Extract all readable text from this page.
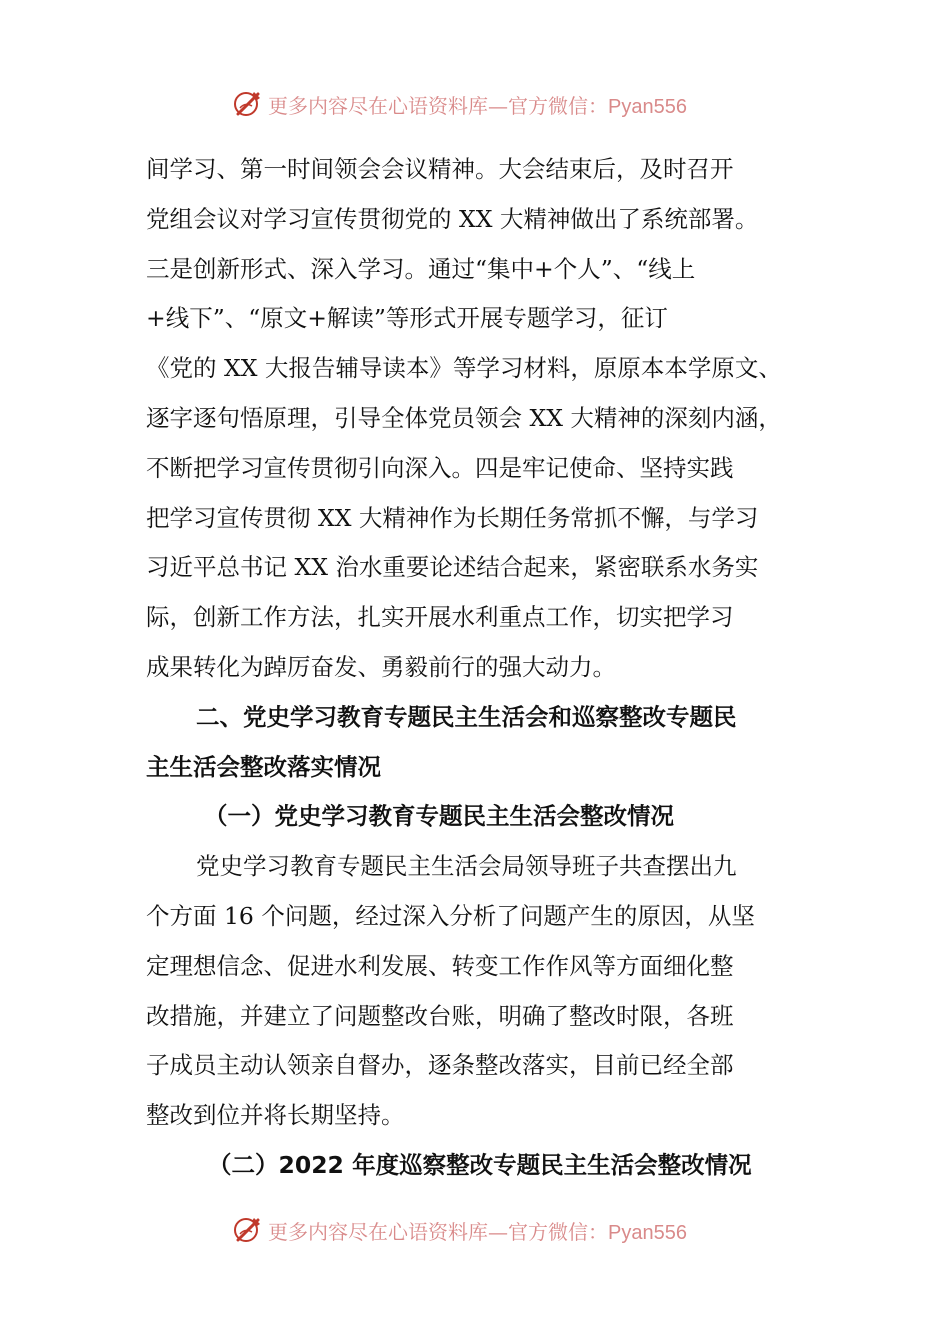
更多内容尽在心语资料库—官方微信：Pyan556
间学习、第一时间领会会议精神。大会结束后，及时召开
党组会议对学习宣传贯彻党的 XX 大精神做出了系统部署。
三是创新形式、深入学习。通过“集中+个人”、“线上
+线下”、“原文+解读”等形式开展专题学习，征订
《党的 XX 大报告辅导读本》等学习材料，原原本本学原文、
逐字逐句悟原理，引导全体党员领会 XX 大精神的深刻内涵，
不断把学习宣传贯彻引向深入。四是牢记使命、坚持实践
把学习宣传贯彻 XX 大精神作为长期任务常抓不懈，与学习
习近平总书记 XX 治水重要论述结合起来，紧密联系水务实
际，创新工作方法，扎实开展水利重点工作，切实把学习
成果转化为踔厉奋发、勇毅前行的强大动力。
二、党史学习教育专题民主生活会和巡察整改专题民
主生活会整改落实情况
（一）党史学习教育专题民主生活会整改情况
党史学习教育专题民主生活会局领导班子共查摆出九
个方面 16 个问题，经过深入分析了问题产生的原因，从坚
定理想信念、促进水利发展、转变工作作风等方面细化整
改措施，并建立了问题整改台账，明确了整改时限，各班
子成员主动认领亲自督办，逐条整改落实，目前已经全部
整改到位并将长期坚持。
（二）2022 年度巡察整改专题民主生活会整改情况
更多内容尽在心语资料库—官方微信：Pyan556
